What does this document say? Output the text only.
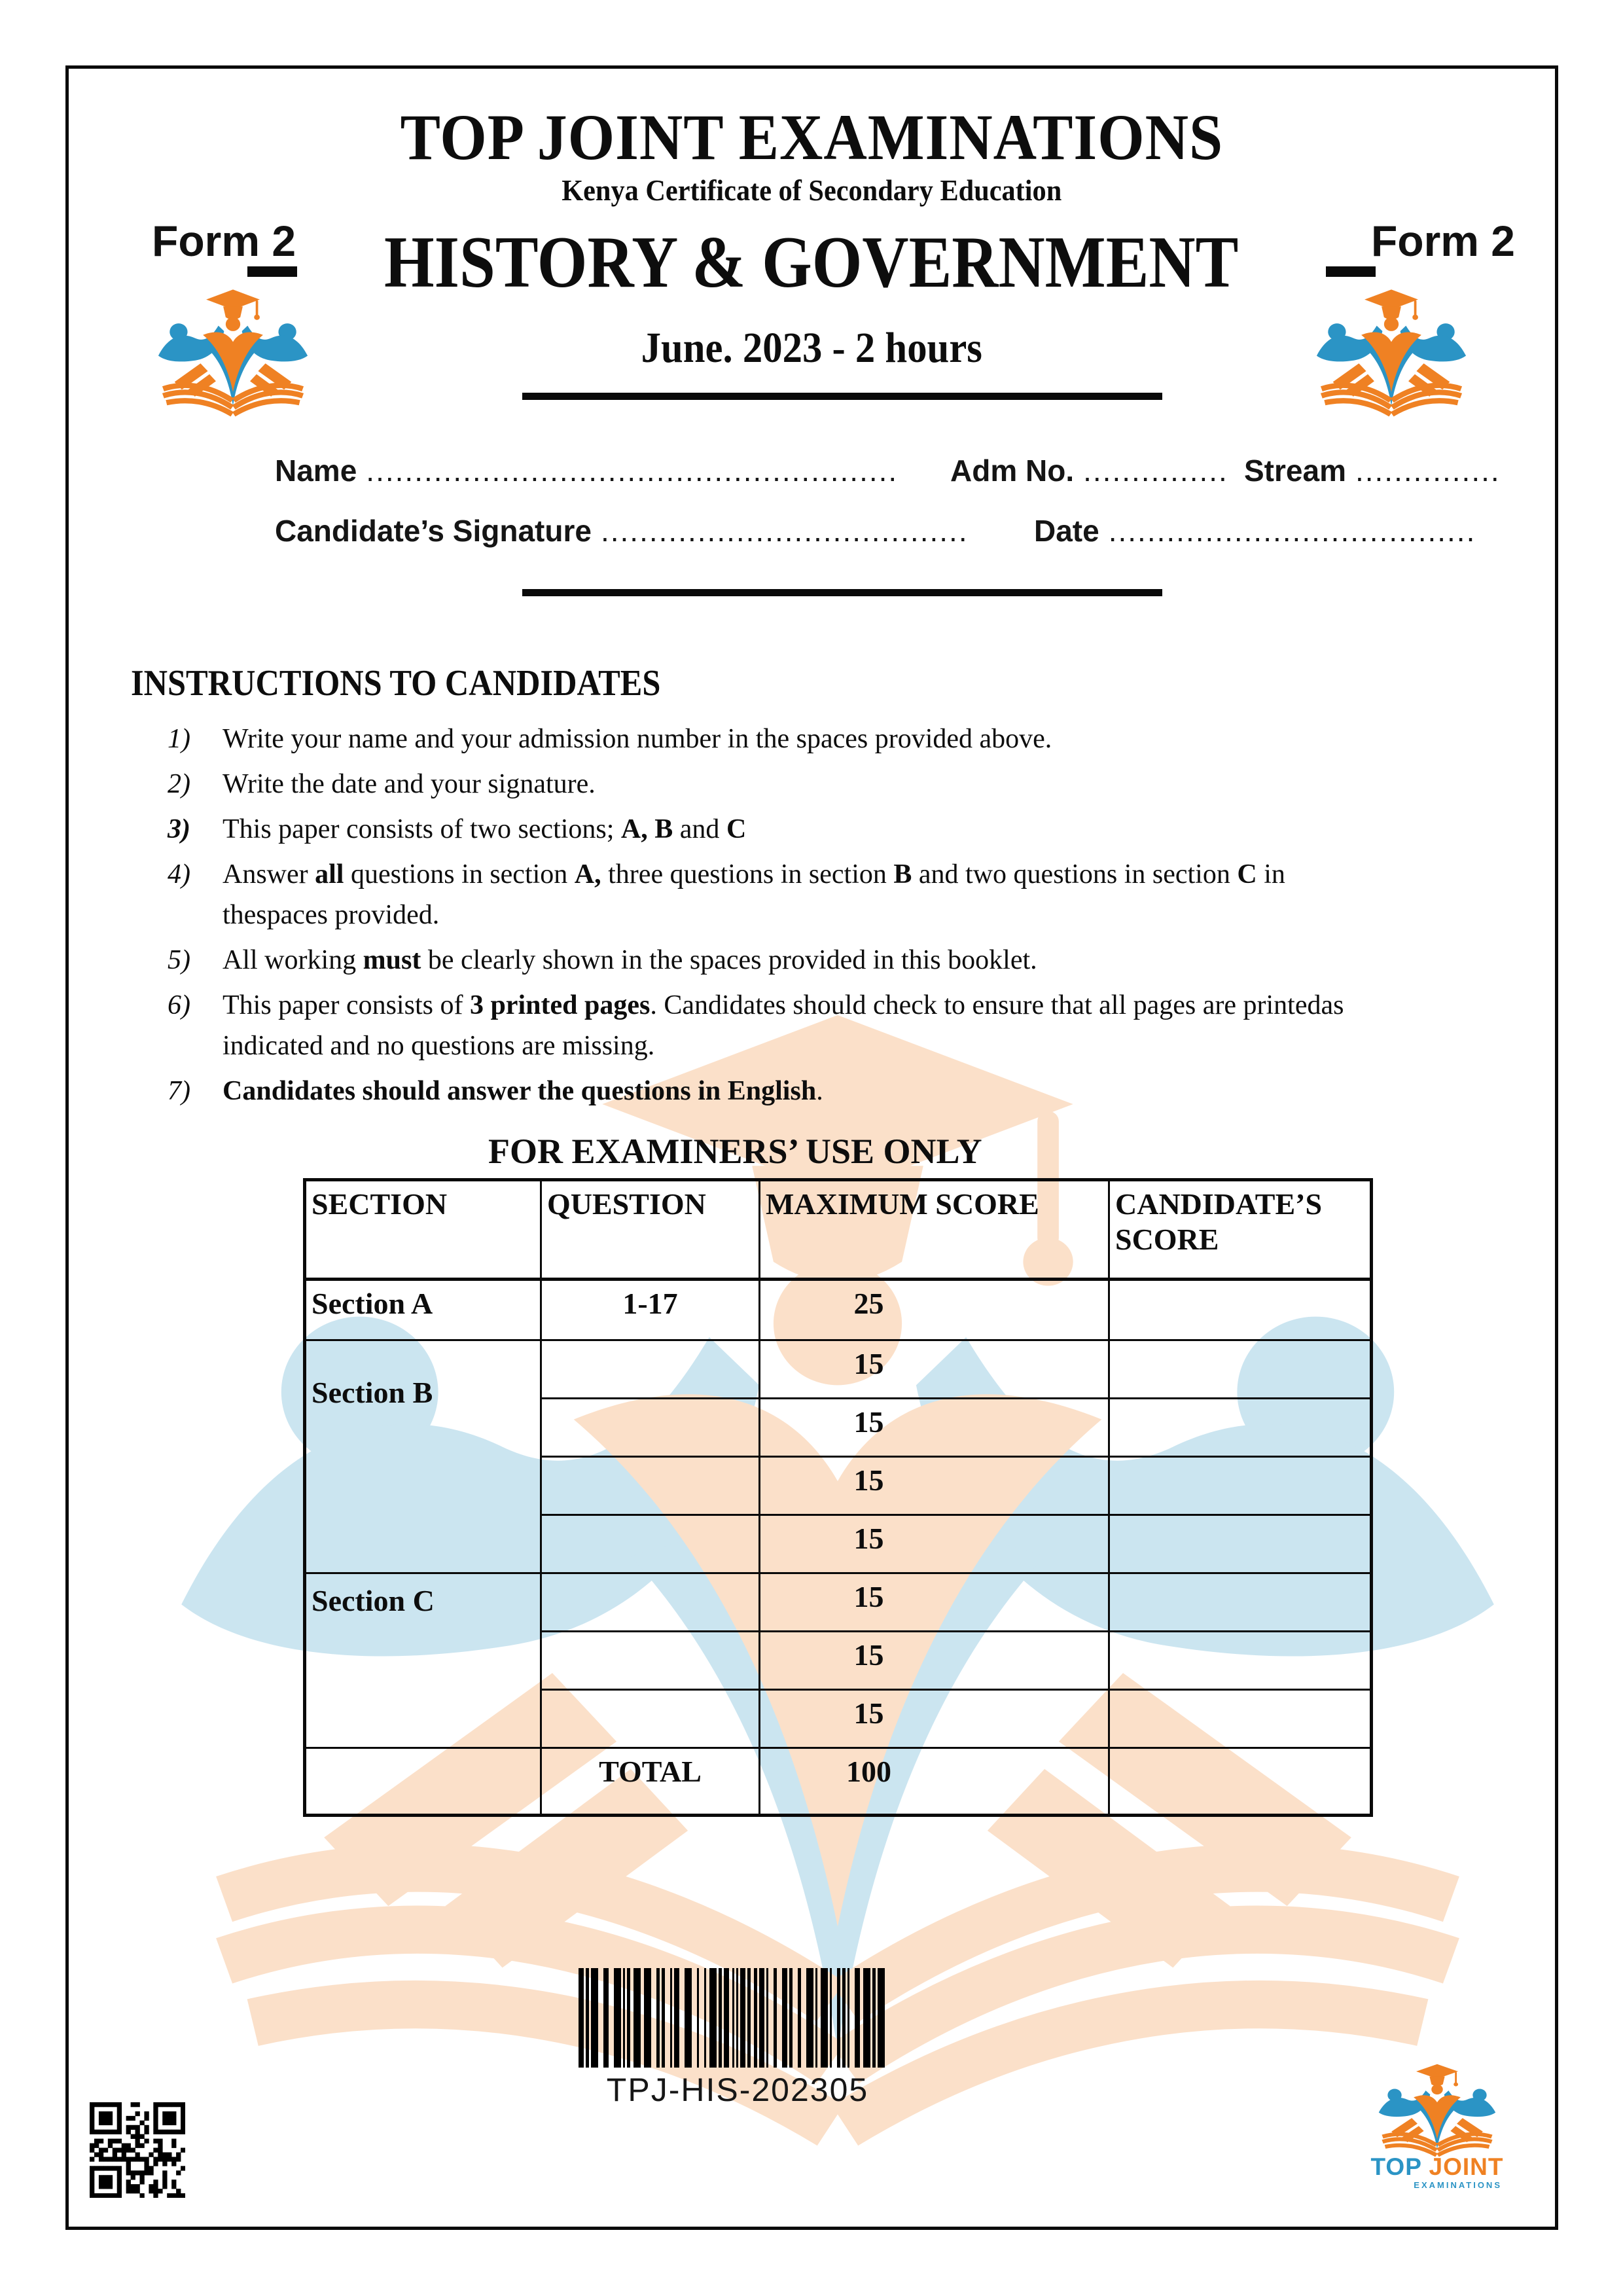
TOP JOINT EXAMINATIONS
Kenya Certificate of Secondary Education
Form 2	Form 2
HISTORY & GOVERNMENT
June. 2023 - 2 hours
Name ....................................................... Adm No. ............... Stream ...............
Candidate’s Signature ...................................... Date ......................................
INSTRUCTIONS TO CANDIDATES
1)	Write your name and your admission number in the spaces provided above.
2)	Write the date and your signature.
3)	This paper consists of two sections; A, B and C
4)	Answer all questions in section A, three questions in section B and two questions in section C in thespaces provided.
5)	All working must be clearly shown in the spaces provided in this booklet.
6)	This paper consists of 3 printed pages. Candidates should check to ensure that all pages are printedas indicated and no questions are missing.
7)	Candidates should answer the questions in English.
FOR EXAMINERS’ USE ONLY
SECTION	QUESTION	MAXIMUM SCORE	CANDIDATE’S SCORE
Section A	1-17	25	
Section B		15	
		15	
		15	
		15	
Section C		15	
		15	
		15	
	TOTAL	100	
TPJ-HIS-202305
TOP JOINT
EXAMINATIONS
